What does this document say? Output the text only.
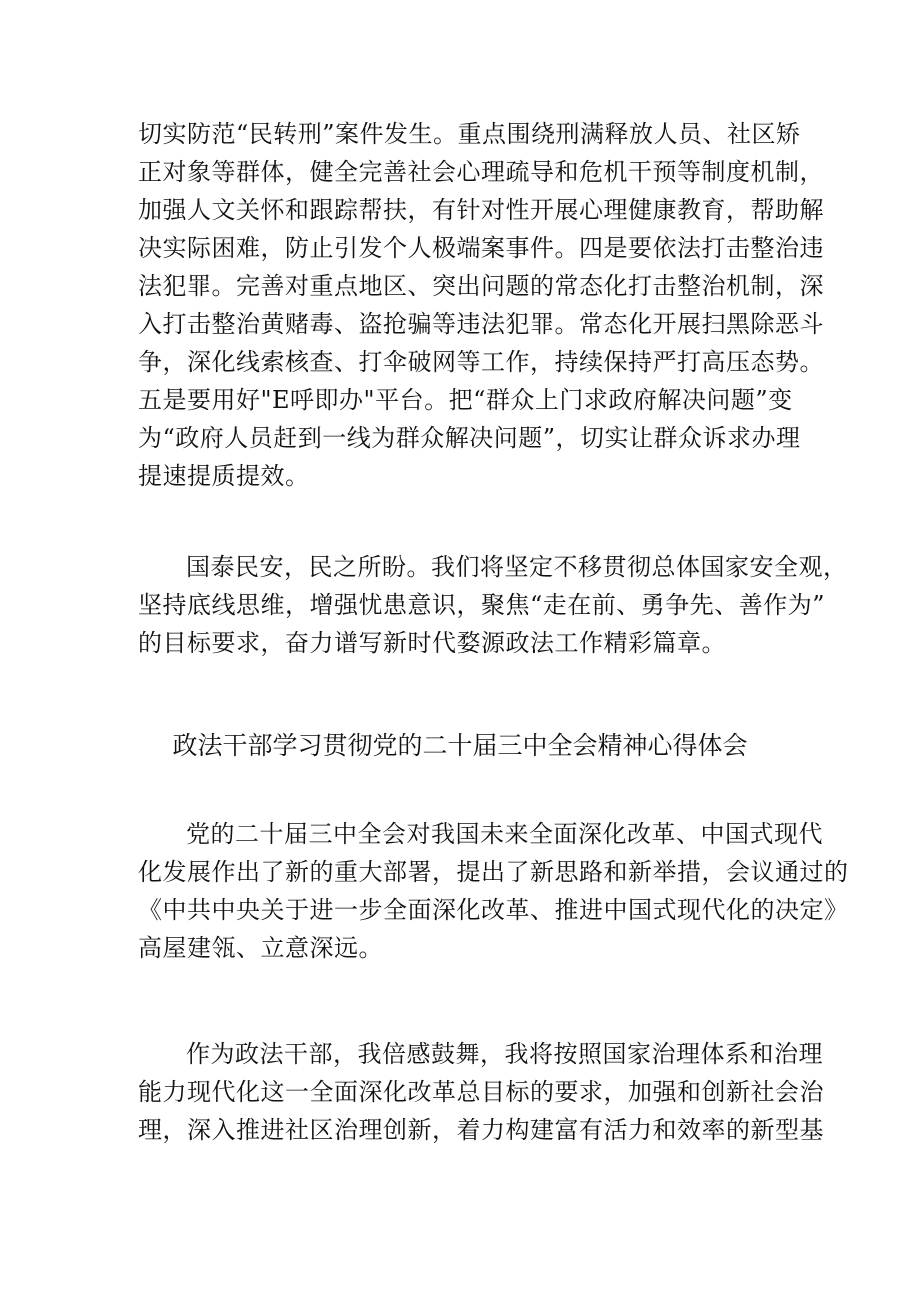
切实防范“民转刑”案件发生。重点围绕刑满释放人员、社区矫
正对象等群体，健全完善社会心理疏导和危机干预等制度机制，
加强人文关怀和跟踪帮扶，有针对性开展心理健康教育，帮助解
决实际困难，防止引发个人极端案事件。四是要依法打击整治违
法犯罪。完善对重点地区、突出问题的常态化打击整治机制，深
入打击整治黄赌毒、盗抢骗等违法犯罪。常态化开展扫黑除恶斗
争，深化线索核查、打伞破网等工作，持续保持严打高压态势。
五是要用好"E呼即办"平台。把“群众上门求政府解决问题”变
为“政府人员赶到一线为群众解决问题”，切实让群众诉求办理
提速提质提效。
国泰民安，民之所盼。我们将坚定不移贯彻总体国家安全观，
坚持底线思维，增强忧患意识，聚焦“走在前、勇争先、善作为”
的目标要求，奋力谱写新时代婺源政法工作精彩篇章。
政法干部学习贯彻党的二十届三中全会精神心得体会
党的二十届三中全会对我国未来全面深化改革、中国式现代
化发展作出了新的重大部署，提出了新思路和新举措，会议通过的
《中共中央关于进一步全面深化改革、推进中国式现代化的决定》
高屋建瓴、立意深远。
作为政法干部，我倍感鼓舞，我将按照国家治理体系和治理
能力现代化这一全面深化改革总目标的要求，加强和创新社会治
理，深入推进社区治理创新，着力构建富有活力和效率的新型基
